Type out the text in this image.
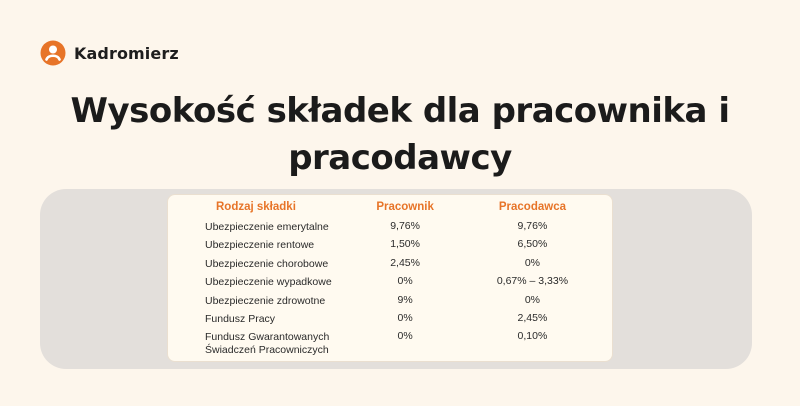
Kadromierz
Wysokość składek dla pracownika i pracodawcy
Rodzaj składki	Pracownik	Pracodawca

Ubezpieczenie emerytalne	9,76%	9,76%

Ubezpieczenie rentowe	1,50%	6,50%

Ubezpieczenie chorobowe	2,45%	0%

Ubezpieczenie wypadkowe	0%	0,67% – 3,33%

Ubezpieczenie zdrowotne	9%	0%

Fundusz Pracy	0%	2,45%

Fundusz Gwarantowanych Świadczeń Pracowniczych	0%	0,10%
